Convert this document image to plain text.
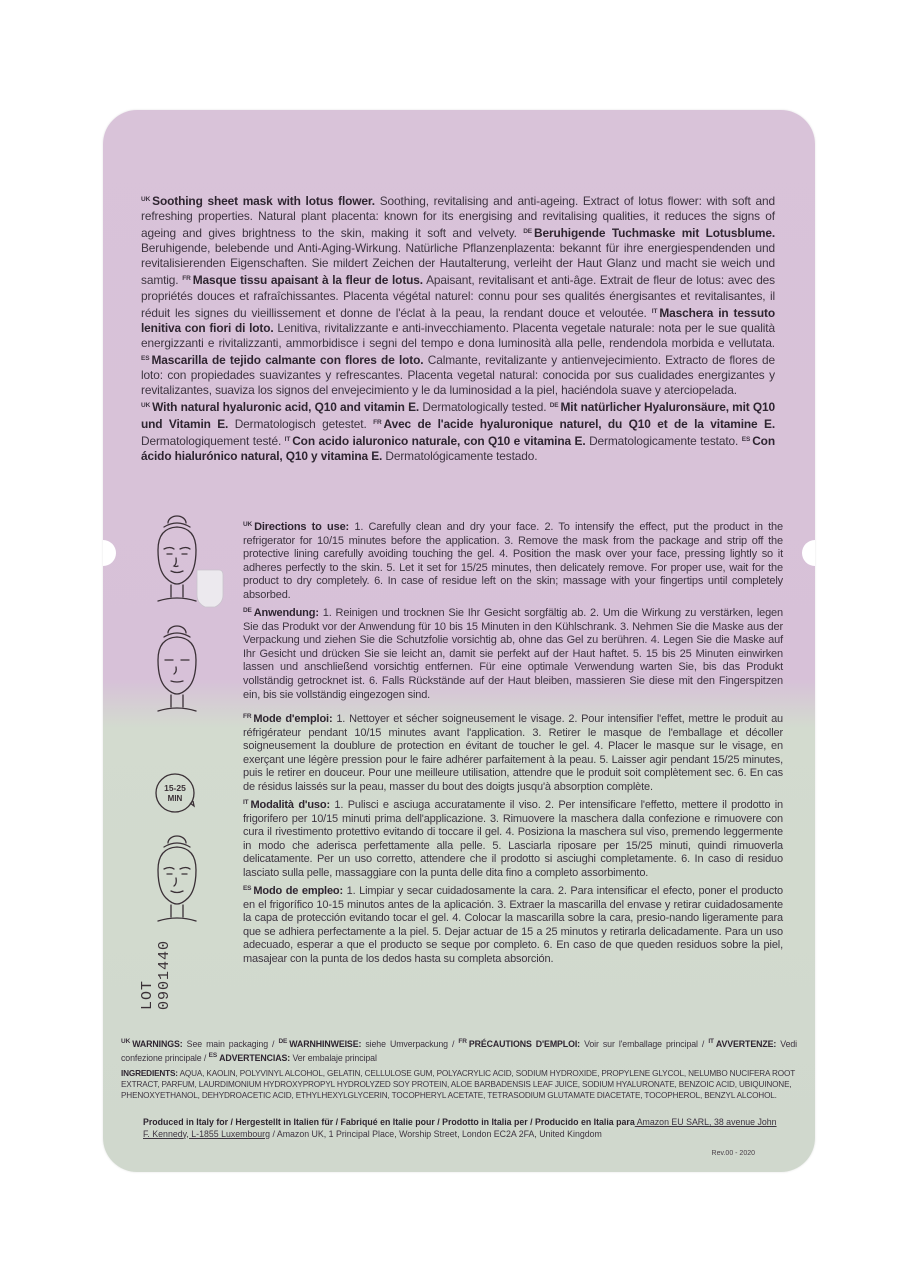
$^{UK}$ Soothing sheet mask with lotus flower. Soothing, revitalising and anti-ageing. Extract of lotus flower: with soft and refreshing properties. Natural plant placenta: known for its energising and revitalising qualities, it reduces the signs of ageing and gives brightness to the skin, making it soft and velvety. $^{DE}$ Beruhigende Tuchmaske mit Lotusblume. Beruhigende, belebende und Anti-Aging-Wirkung. Natürliche Pflanzenplazenta: bekannt für ihre energiespendenden und revitalisierenden Eigenschaften. Sie mildert Zeichen der Hautalterung, verleiht der Haut Glanz und macht sie weich und samtig. $^{FR}$ Masque tissu apaisant à la fleur de lotus. Apaisant, revitalisant et anti-âge. Extrait de fleur de lotus: avec des propriétés douces et rafraîchissantes. Placenta végétal naturel: connu pour ses qualités énergisantes et revitalisantes, il réduit les signes du vieillissement et donne de l'éclat à la peau, la rendant douce et veloutée. $^{IT}$ Maschera in tessuto lenitiva con fiori di loto. Lenitiva, rivitalizzante e anti-invecchiamento. Placenta vegetale naturale: nota per le sue qualità energizzanti e rivitalizzanti, ammorbidisce i segni del tempo e dona luminosità alla pelle, rendendola morbida e vellutata. $^{ES}$ Mascarilla de tejido calmante con flores de loto. Calmante, revitalizante y antienvejecimiento. Extracto de flores de loto: con propiedades suavizantes y refrescantes. Placenta vegetal natural: conocida por sus cualidades energizantes y revitalizantes, suaviza los signos del envejecimiento y le da luminosidad a la piel, haciéndola suave y aterciopelada.
$^{UK}$ With natural hyaluronic acid, Q10 and vitamin E. Dermatologically tested. $^{DE}$ Mit natürlicher Hyaluronsäure, mit Q10 und Vitamin E. Dermatologisch getestet. $^{FR}$ Avec de l'acide hyaluronique naturel, du Q10 et de la vitamine E. Dermatologiquement testé. $^{IT}$ Con acido ialuronico naturale, con Q10 e vitamina E. Dermatologicamente testato. $^{ES}$ Con ácido hialurónico natural, Q10 y vitamina E. Dermatológicamente testado.
15-25
MIN
LOT 0901440
$^{UK}$ Directions to use: 1. Carefully clean and dry your face. 2. To intensify the effect, put the product in the refrigerator for 10/15 minutes before the application. 3. Remove the mask from the package and strip off the protective lining carefully avoiding touching the gel. 4. Position the mask over your face, pressing lightly so it adheres perfectly to the skin. 5. Let it set for 15/25 minutes, then delicately remove. For proper use, wait for the product to dry completely. 6. In case of residue left on the skin; massage with your fingertips until completely absorbed.
$^{DE}$ Anwendung: 1. Reinigen und trocknen Sie Ihr Gesicht sorgfältig ab. 2. Um die Wirkung zu verstärken, legen Sie das Produkt vor der Anwendung für 10 bis 15 Minuten in den Kühlschrank. 3. Nehmen Sie die Maske aus der Verpackung und ziehen Sie die Schutzfolie vorsichtig ab, ohne das Gel zu berühren. 4. Legen Sie die Maske auf Ihr Gesicht und drücken Sie sie leicht an, damit sie perfekt auf der Haut haftet. 5. 15 bis 25 Minuten einwirken lassen und anschließend vorsichtig entfernen. Für eine optimale Verwendung warten Sie, bis das Produkt vollständig getrocknet ist. 6. Falls Rückstände auf der Haut bleiben, massieren Sie diese mit den Fingerspitzen ein, bis sie vollständig eingezogen sind.
$^{FR}$ Mode d'emploi: 1. Nettoyer et sécher soigneusement le visage. 2. Pour intensifier l'effet, mettre le produit au réfrigérateur pendant 10/15 minutes avant l'application. 3. Retirer le masque de l'emballage et décoller soigneusement la doublure de protection en évitant de toucher le gel. 4. Placer le masque sur le visage, en exerçant une légère pression pour le faire adhérer parfaitement à la peau. 5. Laisser agir pendant 15/25 minutes, puis le retirer en douceur. Pour une meilleure utilisation, attendre que le produit soit complètement sec. 6. En cas de résidus laissés sur la peau, masser du bout des doigts jusqu'à absorption complète.
$^{IT}$ Modalità d'uso: 1. Pulisci e asciuga accuratamente il viso. 2. Per intensificare l'effetto, mettere il prodotto in frigorifero per 10/15 minuti prima dell'applicazione. 3. Rimuovere la maschera dalla confezione e rimuovere con cura il rivestimento protettivo evitando di toccare il gel. 4. Posiziona la maschera sul viso, premendo leggermente in modo che aderisca perfettamente alla pelle. 5. Lasciarla riposare per 15/25 minuti, quindi rimuoverla delicatamente. Per un uso corretto, attendere che il prodotto si asciughi completamente. 6. In caso di residuo lasciato sulla pelle, massaggiare con la punta delle dita fino a completo assorbimento.
$^{ES}$ Modo de empleo: 1. Limpiar y secar cuidadosamente la cara. 2. Para intensificar el efecto, poner el producto en el frigorífico 10-15 minutos antes de la aplicación. 3. Extraer la mascarilla del envase y retirar cuidadosamente la capa de protección evitando tocar el gel. 4. Colocar la mascarilla sobre la cara, presio-nando ligeramente para que se adhiera perfectamente a la piel. 5. Dejar actuar de 15 a 25 minutos y retirarla delicadamente. Para un uso adecuado, esperar a que el producto se seque por completo. 6. En caso de que queden residuos sobre la piel, masajear con la punta de los dedos hasta su completa absorción.
$^{UK}$ WARNINGS: See main packaging / $^{DE}$ WARNHINWEISE: siehe Umverpackung / $^{FR}$ PRÉCAUTIONS D'EMPLOI: Voir sur l'emballage principal / $^{IT}$ AVVERTENZE: Vedi confezione principale / $^{ES}$ ADVERTENCIAS: Ver embalaje principal
INGREDIENTS: AQUA, KAOLIN, POLYVINYL ALCOHOL, GELATIN, CELLULOSE GUM, POLYACRYLIC ACID, SODIUM HYDROXIDE, PROPYLENE GLYCOL, NELUMBO NUCIFERA ROOT EXTRACT, PARFUM, LAURDIMONIUM HYDROXYPROPYL HYDROLYZED SOY PROTEIN, ALOE BARBADENSIS LEAF JUICE, SODIUM HYALURONATE, BENZOIC ACID, UBIQUINONE, PHENOXYETHANOL, DEHYDROACETIC ACID, ETHYLHEXYLGLYCERIN, TOCOPHERYL ACETATE, TETRASODIUM GLUTAMATE DIACETATE, TOCOPHEROL, BENZYL ALCOHOL.
Produced in Italy for / Hergestellt in Italien für / Fabriqué en Italie pour / Prodotto in Italia per / Producido en Italia para Amazon EU SARL, 38 avenue John F. Kennedy, L-1855 Luxembourg / Amazon UK, 1 Principal Place, Worship Street, London EC2A 2FA, United Kingdom
Rev.00 - 2020
